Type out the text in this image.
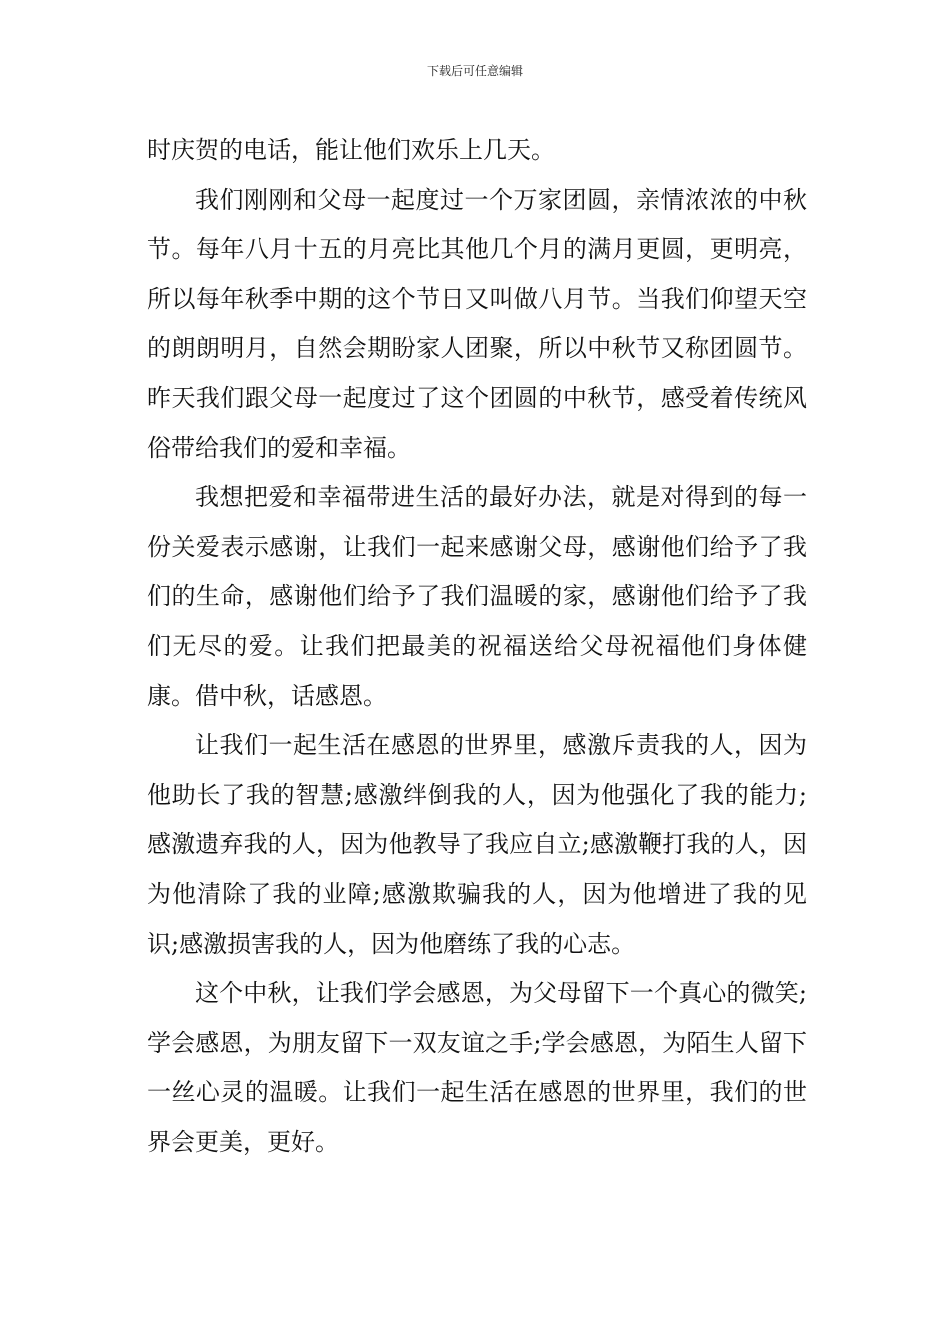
下载后可任意编辑

时庆贺的电话，能让他们欢乐上几天。

我们刚刚和父母一起度过一个万家团圆，亲情浓浓的中秋节。每年八月十五的月亮比其他几个月的满月更圆，更明亮，所以每年秋季中期的这个节日又叫做八月节。当我们仰望天空的朗朗明月，自然会期盼家人团聚，所以中秋节又称团圆节。昨天我们跟父母一起度过了这个团圆的中秋节，感受着传统风俗带给我们的爱和幸福。

我想把爱和幸福带进生活的最好办法，就是对得到的每一份关爱表示感谢，让我们一起来感谢父母，感谢他们给予了我们的生命，感谢他们给予了我们温暖的家，感谢他们给予了我们无尽的爱。让我们把最美的祝福送给父母祝福他们身体健康。借中秋，话感恩。

让我们一起生活在感恩的世界里，感激斥责我的人，因为他助长了我的智慧;感激绊倒我的人，因为他强化了我的能力;感激遗弃我的人，因为他教导了我应自立;感激鞭打我的人，因为他清除了我的业障;感激欺骗我的人，因为他增进了我的见识;感激损害我的人，因为他磨练了我的心志。

这个中秋，让我们学会感恩，为父母留下一个真心的微笑;学会感恩，为朋友留下一双友谊之手;学会感恩，为陌生人留下一丝心灵的温暖。让我们一起生活在感恩的世界里，我们的世界会更美，更好。
